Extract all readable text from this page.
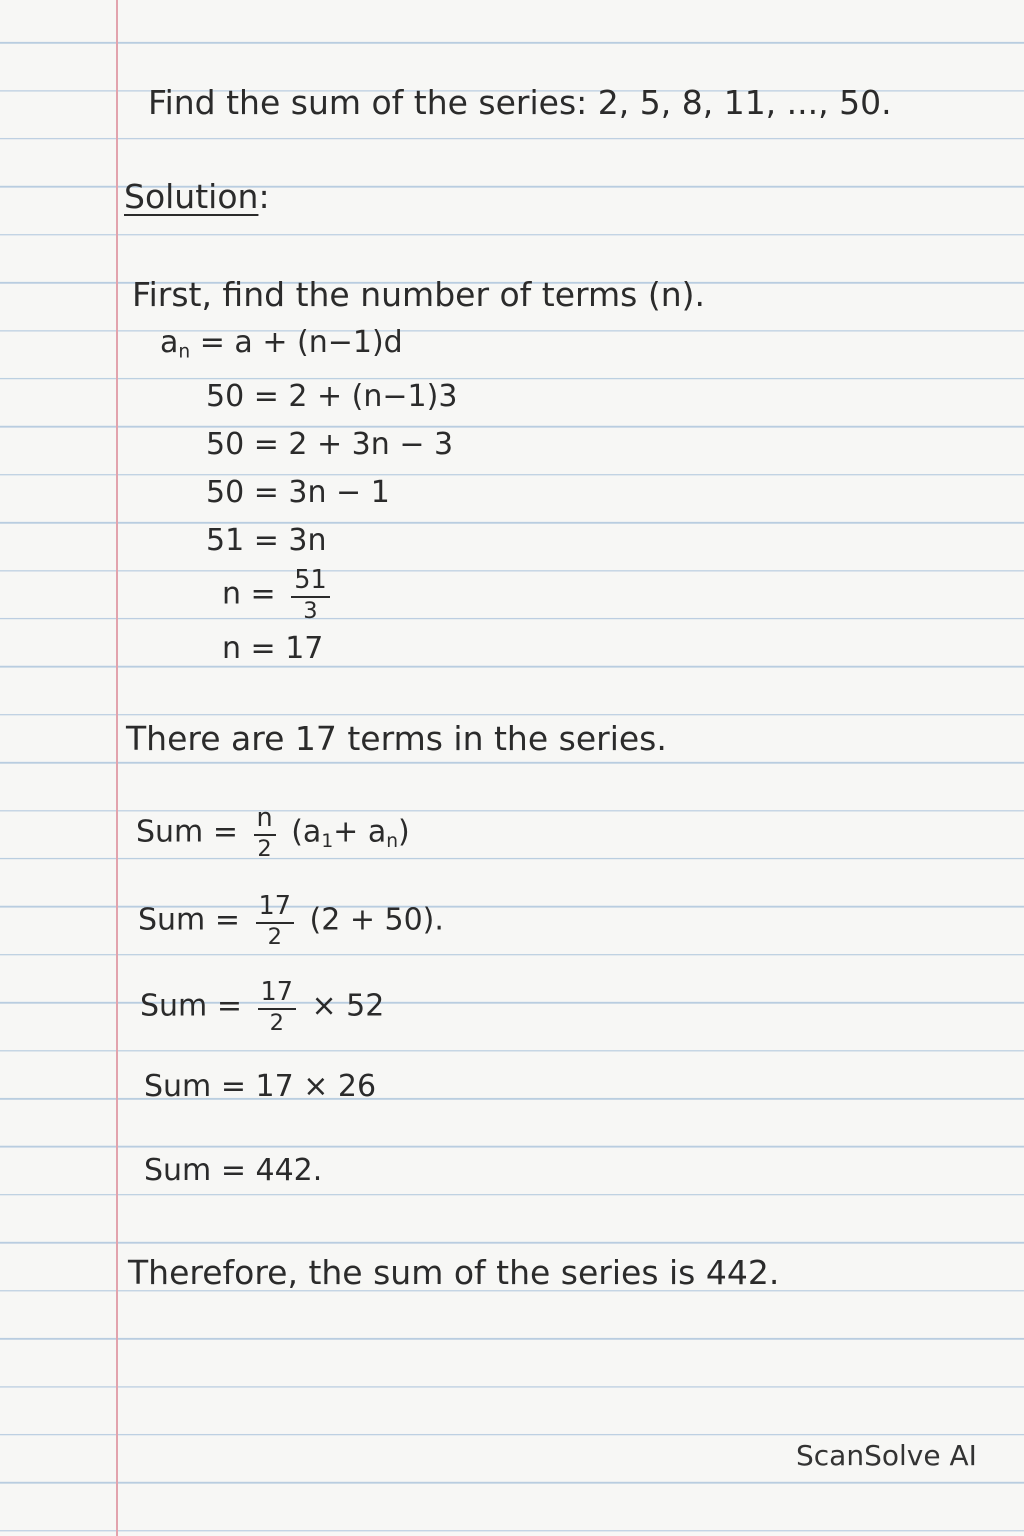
Find the sum of the series: 2, 5, 8, 11, ..., 50.
Solution:
First, find the number of terms (n).
$a_n = a + (n-1)d$
50 = 2 + (n−1)3
50 = 2 + 3n − 3
50 = 3n − 1
51 = 3n
$n = \frac{51}{3}$
n = 17
There are 17 terms in the series.
Sum = $\frac{n}{2} (a_1+ a_n)$
Sum = $\frac{17}{2} (2 + 50)$.
Sum = $\frac{17}{2} \times 52$
Sum = 17 × 26
Sum = 442.
Therefore, the sum of the series is 442.
ScanSolve AI
